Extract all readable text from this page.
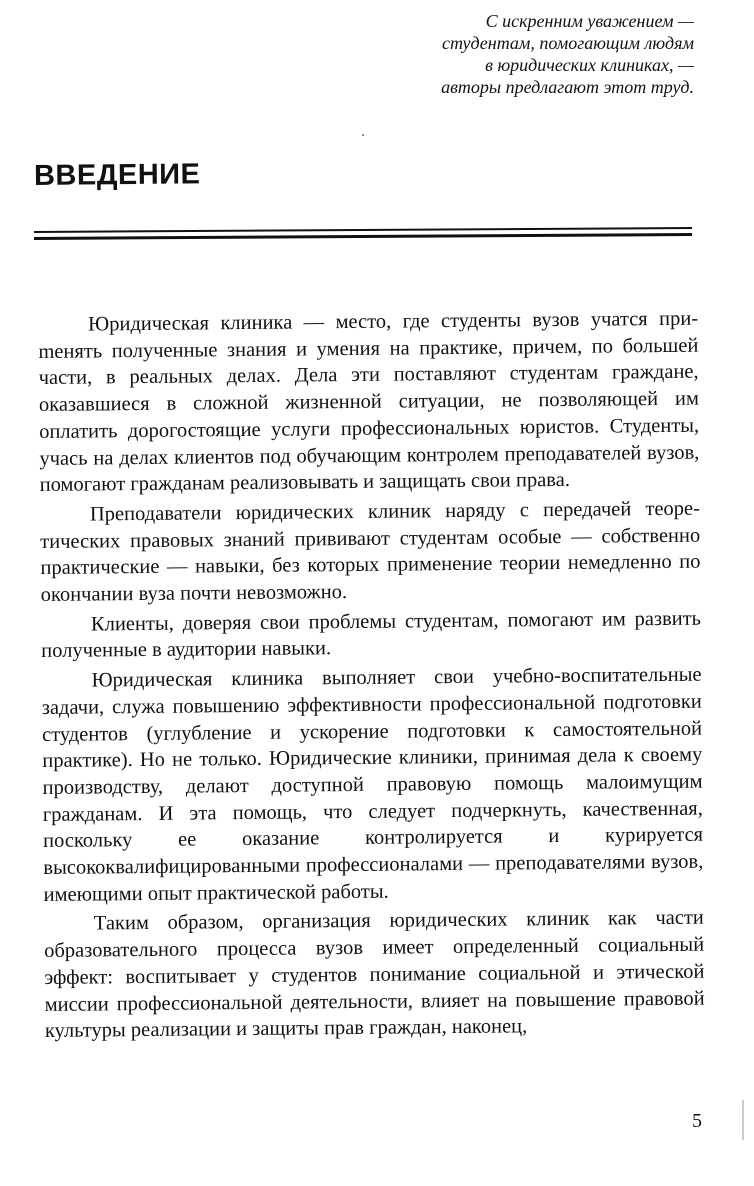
С искренним уважением —
студентам, помогающим людям
в юридических клиниках, —
авторы предлагают этот труд.
ВВЕДЕНИЕ

Юридическая клиника — место, где студенты вузов учатся приmенять полученные знания и умения на практике, причем, по большей части, в реальных делах. Дела эти поставляют студентам граждане, оказавшиеся в сложной жизненной ситуации, не позволяющей им оплатить дорогостоящие услуги профессиональных юристов. Студенты, учась на делах клиентов под обучающим контролем преподавателей вузов, помогают гражданам реализовывать и защищать свои права.

Преподаватели юридических клиник наряду с передачей теоретических правовых знаний прививают студентам особые — собственно практические — навыки, без которых применение теории немедленно по окончании вуза почти невозможно.

Клиенты, доверяя свои проблемы студентам, помогают им развить полученные в аудитории навыки.

Юридическая клиника выполняет свои учебно-воспитательные задачи, служа повышению эффективности профессиональной подготовки студентов (углубление и ускорение подготовки к самостоятельной практике). Но не только. Юридические клиники, принимая дела к своему производству, делают доступной правовую помощь малоимущим гражданам. И эта помощь, что следует подчеркнуть, качественная, поскольку ее оказание контролируется и курируется высококвалифицированными профессионалами — преподавателями вузов, имеющими опыт практической работы.

Таким образом, организация юридических клиник как части образовательного процесса вузов имеет определенный социальный эффект: воспитывает у студентов понимание социальной и этической миссии профессиональной деятельности, влияет на повышение правовой культуры реализации и защиты прав граждан, наконец,

5
